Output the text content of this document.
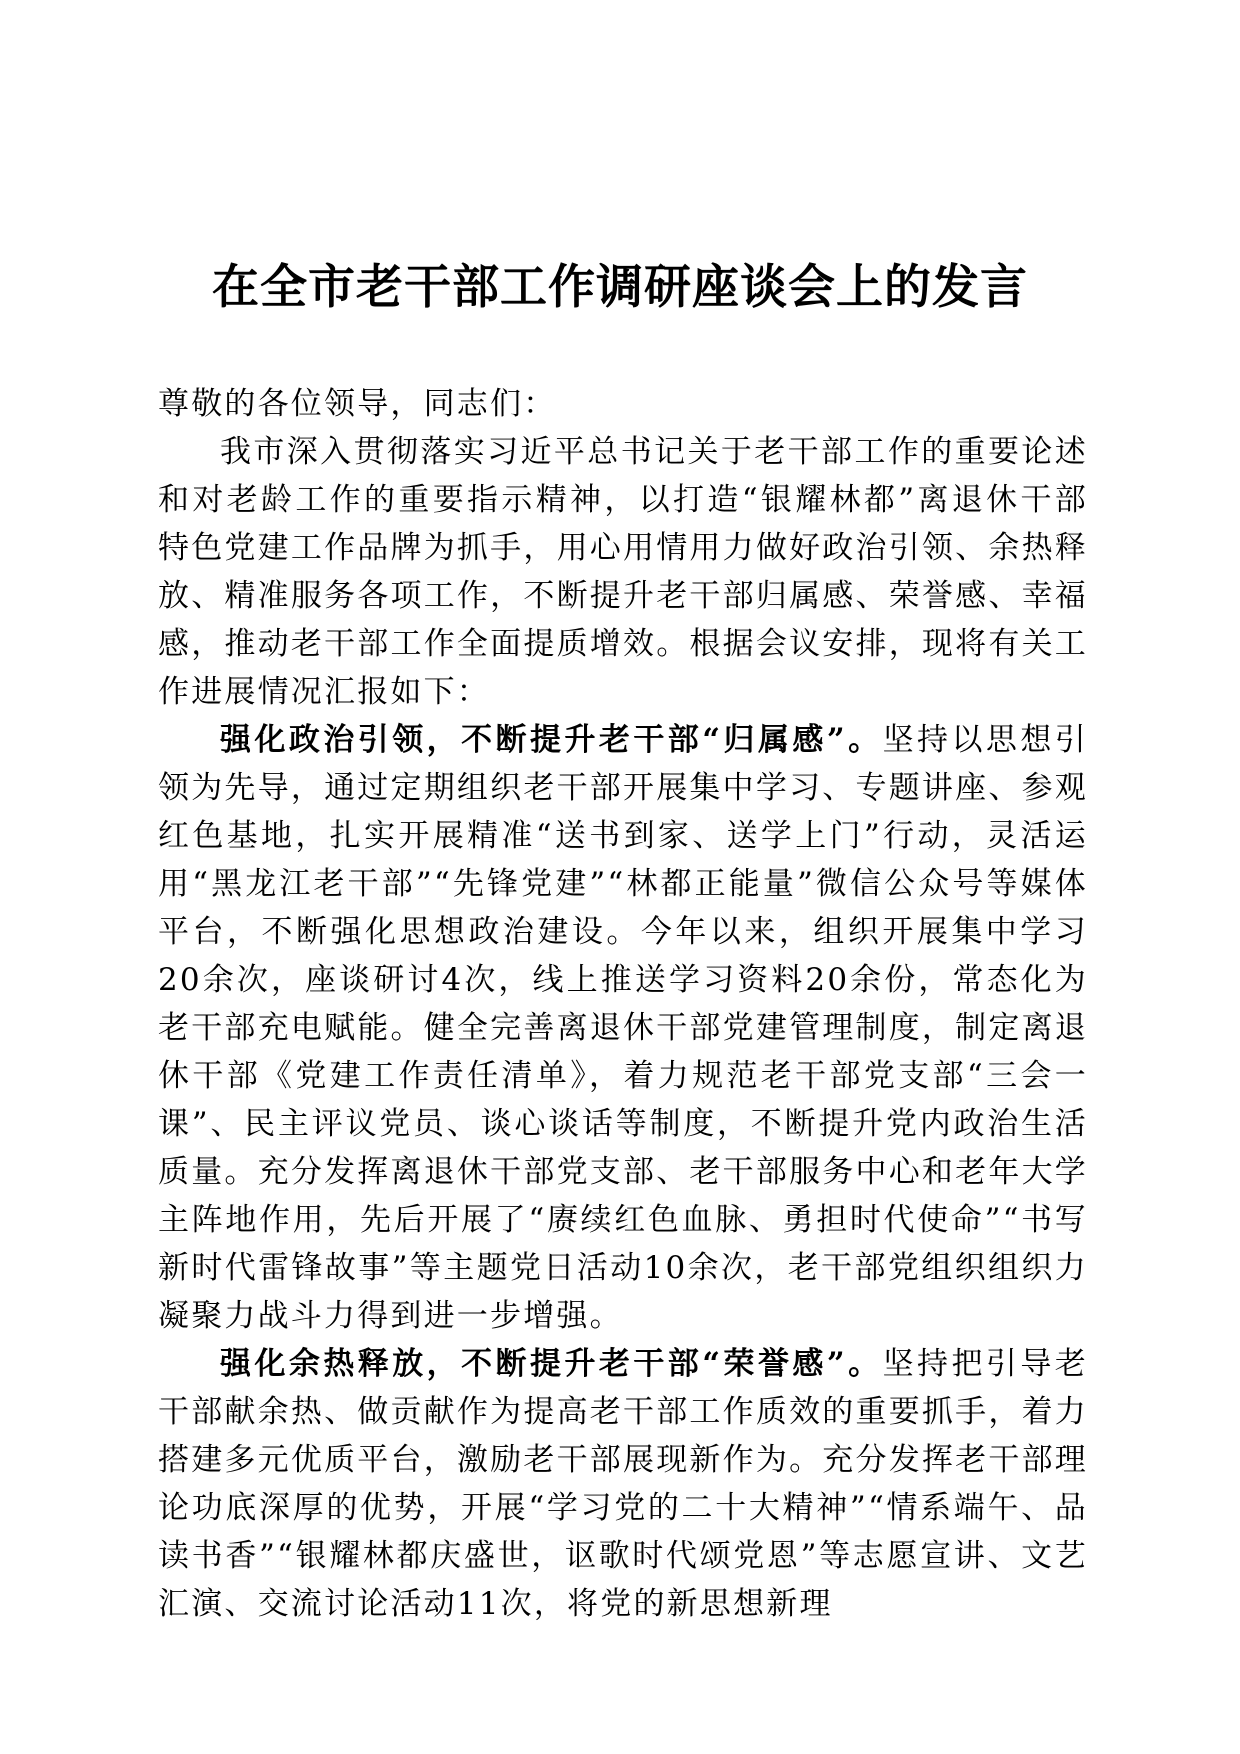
在全市老干部工作调研座谈会上的发言

尊敬的各位领导，同志们：

我市深入贯彻落实习近平总书记关于老干部工作的重要论述和对老龄工作的重要指示精神，以打造“银耀林都”离退休干部特色党建工作品牌为抓手，用心用情用力做好政治引领、余热释放、精准服务各项工作，不断提升老干部归属感、荣誉感、幸福感，推动老干部工作全面提质增效。根据会议安排，现将有关工作进展情况汇报如下：

强化政治引领，不断提升老干部“归属感”。坚持以思想引领为先导，通过定期组织老干部开展集中学习、专题讲座、参观红色基地，扎实开展精准“送书到家、送学上门”行动，灵活运用“黑龙江老干部”“先锋党建”“林都正能量”微信公众号等媒体平台，不断强化思想政治建设。今年以来，组织开展集中学习20余次，座谈研讨4次，线上推送学习资料20余份，常态化为老干部充电赋能。健全完善离退休干部党建管理制度，制定离退休干部《党建工作责任清单》，着力规范老干部党支部“三会一课”、民主评议党员、谈心谈话等制度，不断提升党内政治生活质量。充分发挥离退休干部党支部、老干部服务中心和老年大学主阵地作用，先后开展了“赓续红色血脉、勇担时代使命”“书写新时代雷锋故事”等主题党日活动10余次，老干部党组织组织力凝聚力战斗力得到进一步增强。

强化余热释放，不断提升老干部“荣誉感”。坚持把引导老干部献余热、做贡献作为提高老干部工作质效的重要抓手，着力搭建多元优质平台，激励老干部展现新作为。充分发挥老干部理论功底深厚的优势，开展“学习党的二十大精神”“情系端午、品读书香”“银耀林都庆盛世，讴歌时代颂党恩”等志愿宣讲、文艺汇演、交流讨论活动11次，将党的新思想新理
